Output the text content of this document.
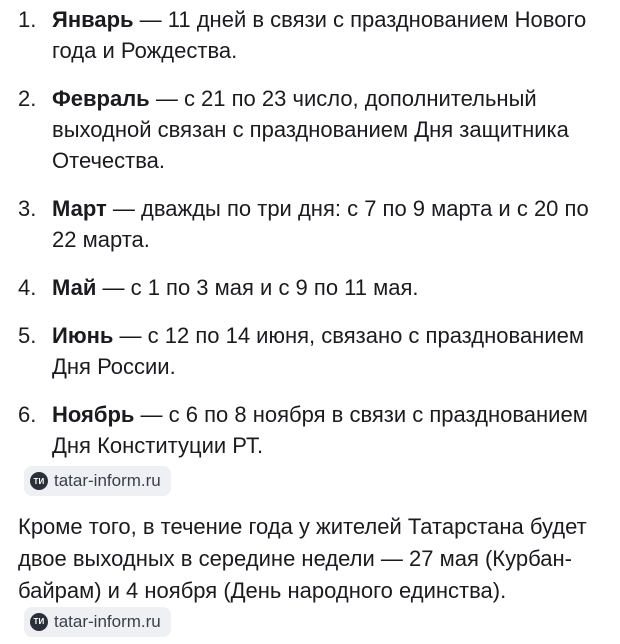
1. Январь — 11 дней в связи с празднованием Нового года и Рождества.
2. Февраль — с 21 по 23 число, дополнительный выходной связан с празднованием Дня защитника Отечества.
3. Март — дважды по три дня: с 7 по 9 марта и с 20 по 22 марта.
4. Май — с 1 по 3 мая и с 9 по 11 мая.
5. Июнь — с 12 по 14 июня, связано с празднованием Дня России.
6. Ноябрь — с 6 по 8 ноября в связи с празднованием Дня Конституции РТ.
ТИ tatar-inform.ru
Кроме того, в течение года у жителей Татарстана будет двое выходных в середине недели — 27 мая (Курбан-байрам) и 4 ноября (День народного единства).
ТИ tatar-inform.ru
